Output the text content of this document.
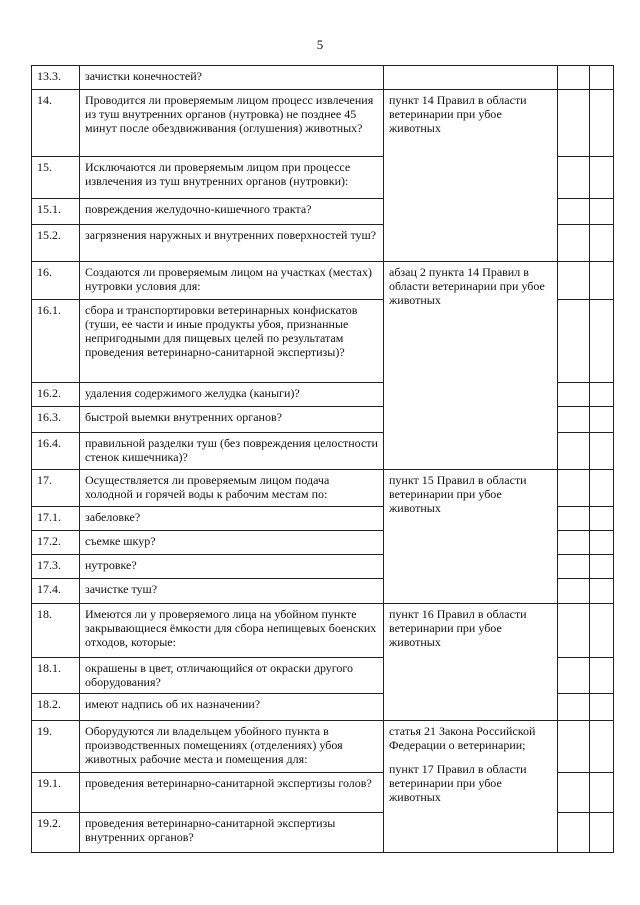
5
13.3.	зачистки конечностей?			
14.	Проводится ли проверяемым лицом процесс извлечения из туш внутренних органов (нутровка) не позднее 45 минут после обездвиживания (оглушения) животных?	пункт 14 Правил в области ветеринарии при убое животных		
15.	Исключаются ли проверяемым лицом при процессе извлечения из туш внутренних органов (нутровки):			
15.1.	повреждения желудочно-кишечного тракта?			
15.2.	загрязнения наружных и внутренних поверхностей туш?			
16.	Создаются ли проверяемым лицом на участках (местах) нутровки условия для:	абзац 2 пункта 14 Правил в области ветеринарии при убое животных		
16.1.	сбора и транспортировки ветеринарных конфискатов (туши, ее части и иные продукты убоя, признанные непригодными для пищевых целей по результатам проведения ветеринарно-санитарной экспертизы)?			
16.2.	удаления содержимого желудка (каныги)?			
16.3.	быстрой выемки внутренних органов?			
16.4.	правильной разделки туш (без повреждения целостности стенок кишечника)?			
17.	Осуществляется ли проверяемым лицом подача холодной и горячей воды к рабочим местам по:	пункт 15 Правил в области ветеринарии при убое животных		
17.1.	забеловке?			
17.2.	съемке шкур?			
17.3.	нутровке?			
17.4.	зачистке туш?			
18.	Имеются ли у проверяемого лица на убойном пункте закрывающиеся ёмкости для сбора непищевых боенских отходов, которые:	пункт 16 Правил в области ветеринарии при убое животных		
18.1.	окрашены в цвет, отличающийся от окраски другого оборудования?			
18.2.	имеют надпись об их назначении?			
19.	Оборудуются ли владельцем убойного пункта в производственных помещениях (отделениях) убоя животных рабочие места и помещения для:	статья 21 Закона Российской Федерации о ветеринарии;
пункт 17 Правил в области ветеринарии при убое животных		

19.1.	проведения ветеринарно-санитарной экспертизы голов?			
19.2.	проведения ветеринарно-санитарной экспертизы внутренних органов?			
